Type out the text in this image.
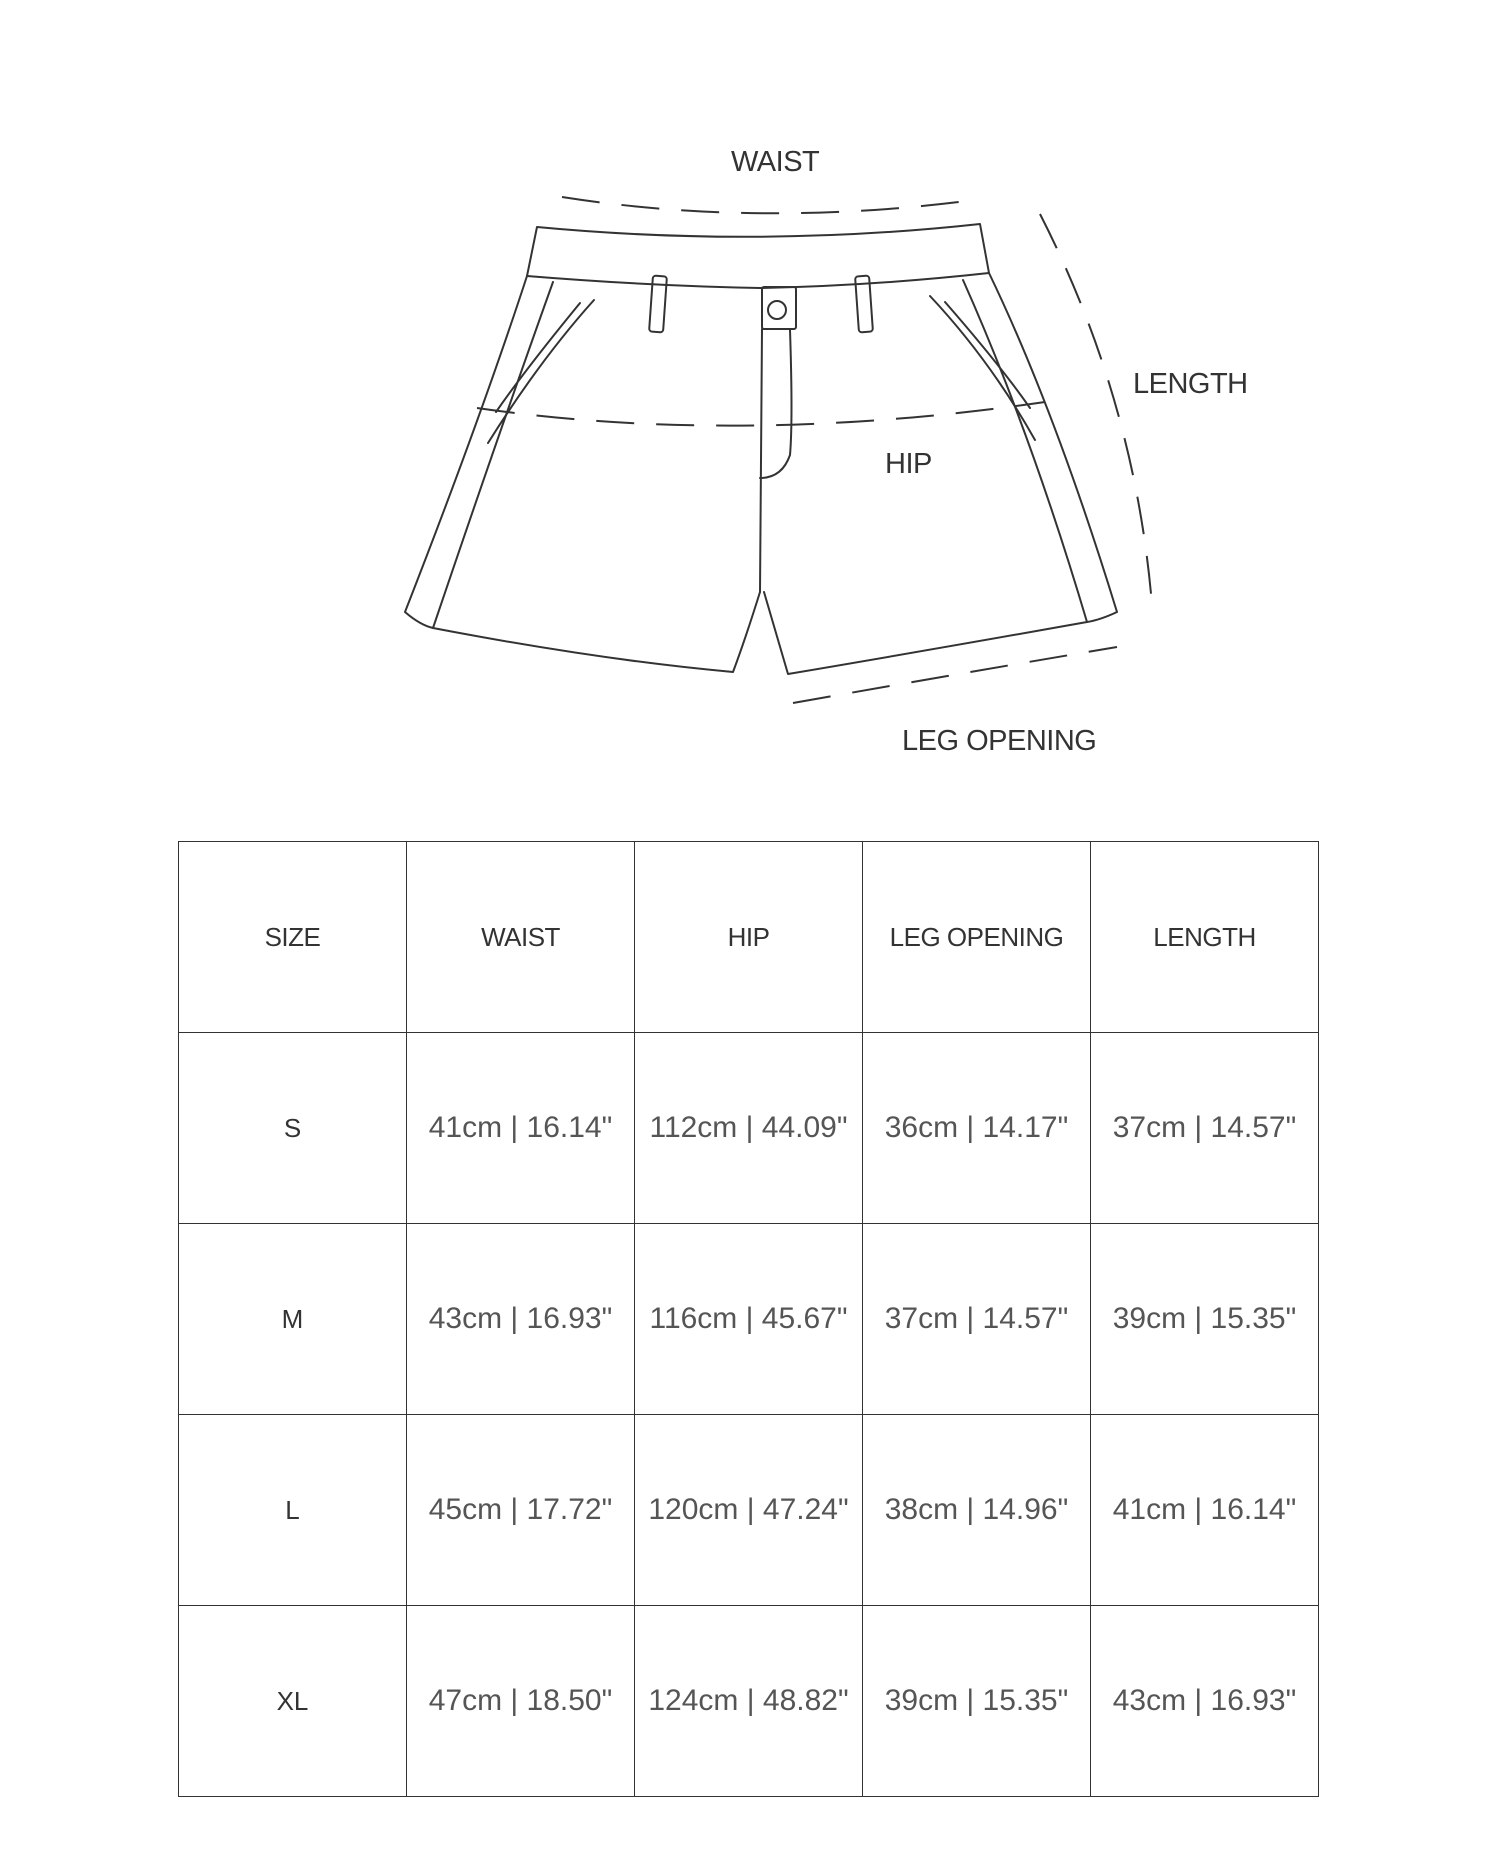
WAIST
LENGTH
HIP
LEG OPENING
SIZE	WAIST	HIP	LEG OPENING	LENGTH
S	41cm | 16.14"	112cm | 44.09"	36cm | 14.17"	37cm | 14.57"
M	43cm | 16.93"	116cm | 45.67"	37cm | 14.57"	39cm | 15.35"
L	45cm | 17.72"	120cm | 47.24"	38cm | 14.96"	41cm | 16.14"
XL	47cm | 18.50"	124cm | 48.82"	39cm | 15.35"	43cm | 16.93"
